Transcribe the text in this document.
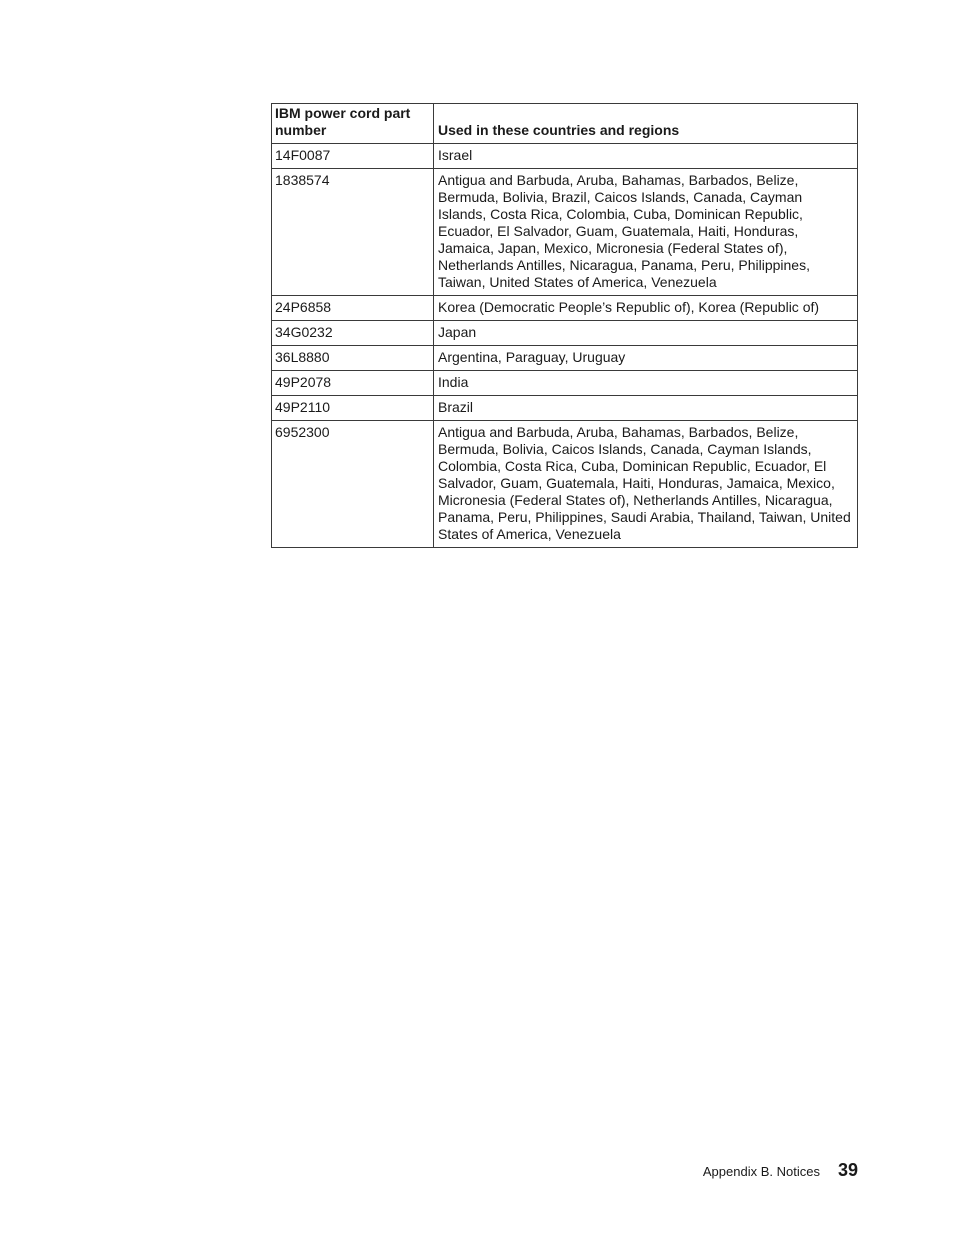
IBM power cord part number	Used in these countries and regions
14F0087	Israel
1838574	Antigua and Barbuda, Aruba, Bahamas, Barbados, Belize, Bermuda, Bolivia, Brazil, Caicos Islands, Canada, Cayman Islands, Costa Rica, Colombia, Cuba, Dominican Republic, Ecuador, El Salvador, Guam, Guatemala, Haiti, Honduras, Jamaica, Japan, Mexico, Micronesia (Federal States of), Netherlands Antilles, Nicaragua, Panama, Peru, Philippines, Taiwan, United States of America, Venezuela
24P6858	Korea (Democratic People’s Republic of), Korea (Republic of)
34G0232	Japan
36L8880	Argentina, Paraguay, Uruguay
49P2078	India
49P2110	Brazil
6952300	Antigua and Barbuda, Aruba, Bahamas, Barbados, Belize, Bermuda, Bolivia, Caicos Islands, Canada, Cayman Islands, Colombia, Costa Rica, Cuba, Dominican Republic, Ecuador, El Salvador, Guam, Guatemala, Haiti, Honduras, Jamaica, Mexico, Micronesia (Federal States of), Netherlands Antilles, Nicaragua, Panama, Peru, Philippines, Saudi Arabia, Thailand, Taiwan, United States of America, Venezuela
Appendix B. Notices 39
